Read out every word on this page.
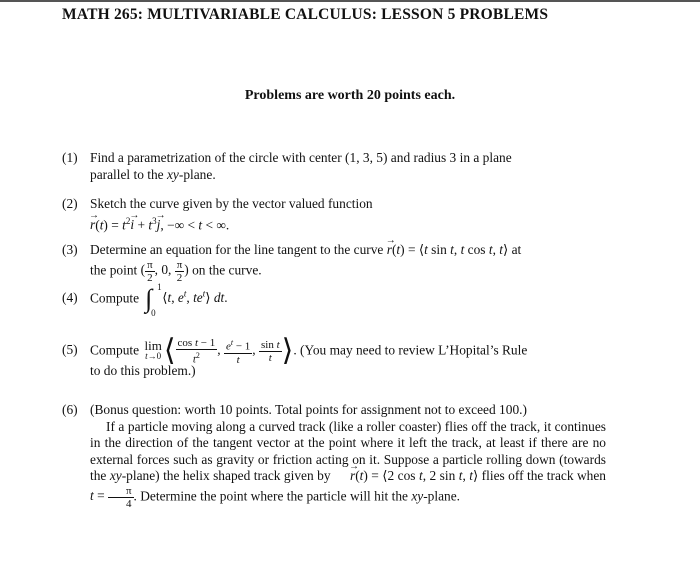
MATH 265: MULTIVARIABLE CALCULUS: LESSON 5 PROBLEMS
Problems are worth 20 points each.
(1) Find a parametrization of the circle with center (1, 3, 5) and radius 3 in a plane
parallel to the xy-plane.
(2) Sketch the curve given by the vector valued function
→ $r(t) = t^2\to i + t^3\to j$, −∞ < t < ∞.
(3) Determine an equation for the line tangent to the curve → r(t) = ⟨t sin t, t cos t, t⟩ at
the point ( $\frac{\pi}{2}$ , 0, $\frac{\pi}{2}$ ) on the curve.
(4) Compute ∫ 1
0
⟨t, $e^t$, $te^t⟩$ dt.
(5) Compute lim
t→0 ⟨ $\frac{\text{cos t − 1}}{t^2}$ , $\frac{e^t - 1}{t}$ , $\frac{\text{sin t}}{t}$ ⟩. (You may need to review L’Hopital’s Rule
to do this problem.)
(6) (Bonus question: worth 10 points. Total points for assignment not to exceed 100.)
If a particle moving along a curved track (like a roller coaster) flies off the track, it continues in the direction of the tangent vector at the point where it left the track, at least if there are no external forces such as gravity or friction acting on it. Suppose a particle rolling down (towards the xy-plane) the helix shaped track given by → r(t) = ⟨2 cos t, 2 sin t, t⟩ flies off the track when $t = \frac{\pi}{4}$ . Determine the point where the particle will hit the xy-plane.
